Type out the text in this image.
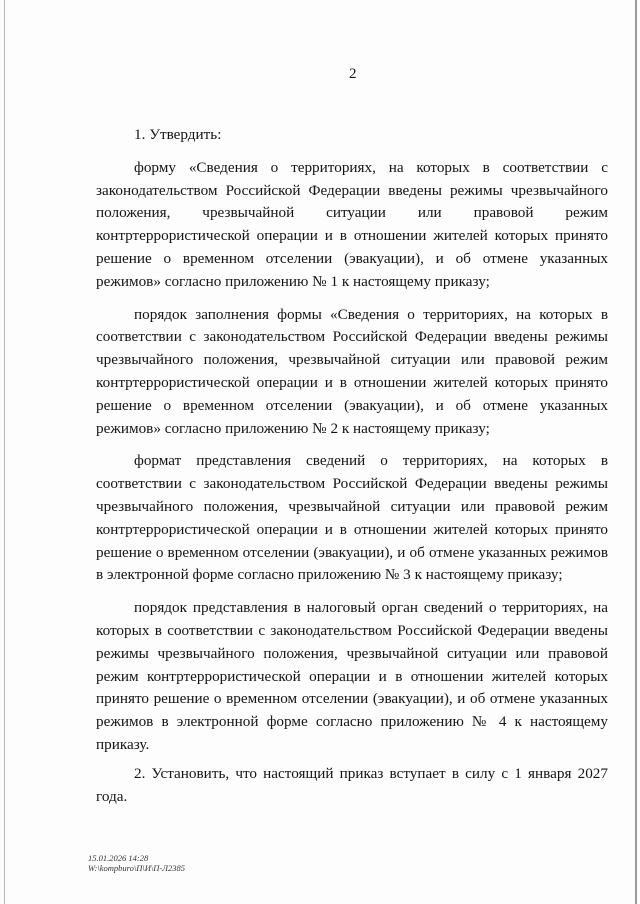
2

1. Утвердить:

форму «Сведения о территориях, на которых в соответствии с законодательством Российской Федерации введены режимы чрезвычайного положения, чрезвычайной ситуации или правовой режим контртеррористической операции и в отношении жителей которых принято решение о временном отселении (эвакуации), и об отмене указанных режимов» согласно приложению № 1 к настоящему приказу;

порядок заполнения формы «Сведения о территориях, на которых в соответствии с законодательством Российской Федерации введены режимы чрезвычайного положения, чрезвычайной ситуации или правовой режим контртеррористической операции и в отношении жителей которых принято решение о временном отселении (эвакуации), и об отмене указанных режимов» согласно приложению № 2 к настоящему приказу;

формат представления сведений о территориях, на которых в соответствии с законодательством Российской Федерации введены режимы чрезвычайного положения, чрезвычайной ситуации или правовой режим контртеррористической операции и в отношении жителей которых принято решение о временном отселении (эвакуации), и об отмене указанных режимов в электронной форме согласно приложению № 3 к настоящему приказу;

порядок представления в налоговый орган сведений о территориях, на которых в соответствии с законодательством Российской Федерации введены режимы чрезвычайного положения, чрезвычайной ситуации или правовой режим контртеррористической операции и в отношении жителей которых принято решение о временном отселении (эвакуации), и об отмене указанных режимов в электронной форме согласно приложению № 4 к настоящему приказу.

2. Установить, что настоящий приказ вступает в силу с 1 января 2027 года.

15.01.2026 14:28
W:\kompburo\П\И\П-Л2385
